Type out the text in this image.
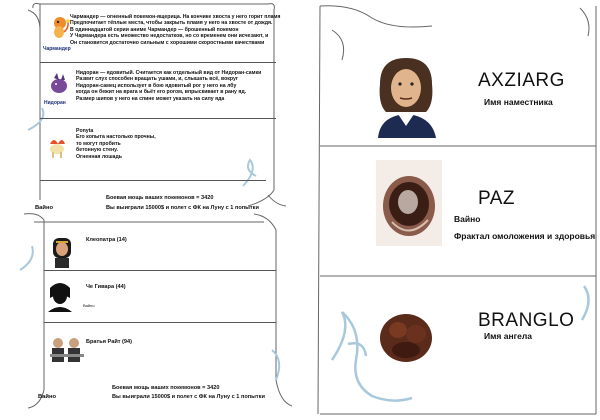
Чармандер
Чармандер — огненный покемон-ящерица. На кончике хвоста у него горит пламя
Предпочитает тёплые места, чтобы закрыть пламя у него на хвосте от дождя.
В одиннадцатой серии аниме Чармандер — брошенный покемон
У Чармандера есть множество недостатков, но со временем они исчезают, и
Он становится достаточно сильным с хорошими скоростными качествами
Нидоран
Нидоран — ядовитый. Считается как отдельный вид от Нидоран-самки
Развит слух способен вращать ушами, и, слышать всё, вокруг
Нидоран-самец использует в бою ядовитый рог у него на лбу
когда он бежит на врага и бьёт его рогом, впрыскивает в рану яд.
Размер шипов у него на спине может указать на силу яда
Ponyta
Его копыта настолько прочны,
то могут пробить
бетонную стену.
Огненная лошадь
Боевая мощь ваших покемонов = 3420
Вайно	Вы выиграли 15000$ и полет с ФК на Луну с 1 попытки
Клеопатра (14)
Че Гивара (44)
Вайно
Братья Райт (94)
Боевая мощь ваших покемонов = 3420
Вайно	Вы выиграли 15000$ и полет с ФК на Луну с 1 попытки
AXZIARG
Имя наместника
PAZ
Вайно
Фрактал омоложения и здоровья
BRANGLO
Имя ангела
